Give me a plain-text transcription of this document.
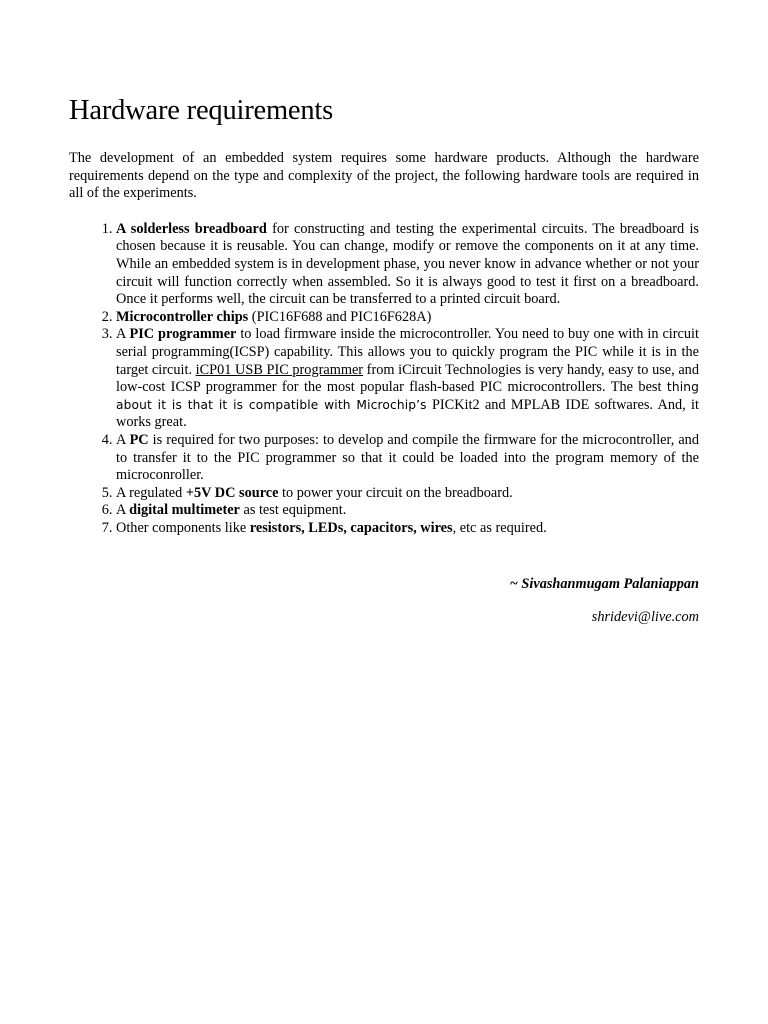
Hardware requirements

The development of an embedded system requires some hardware products. Although the hardware requirements depend on the type and complexity of the project, the following hardware tools are required in all of the experiments.

1. A solderless breadboard for constructing and testing the experimental circuits. The breadboard is chosen because it is reusable. You can change, modify or remove the components on it at any time. While an embedded system is in development phase, you never know in advance whether or not your circuit will function correctly when assembled. So it is always good to test it first on a breadboard. Once it performs well, the circuit can be transferred to a printed circuit board.
2. Microcontroller chips (PIC16F688 and PIC16F628A)
3. A PIC programmer to load firmware inside the microcontroller. You need to buy one with in circuit serial programming(ICSP) capability. This allows you to quickly program the PIC while it is in the target circuit. iCP01 USB PIC programmer from iCircuit Technologies is very handy, easy to use, and low-cost ICSP programmer for the most popular flash-based PIC microcontrollers. The best thing about it is that it is compatible with Microchip’s PICKit2 and MPLAB IDE softwares. And, it works great.
4. A PC is required for two purposes: to develop and compile the firmware for the microcontroller, and to transfer it to the PIC programmer so that it could be loaded into the program memory of the microconroller.
5. A regulated +5V DC source to power your circuit on the breadboard.
6. A digital multimeter as test equipment.
7. Other components like resistors, LEDs, capacitors, wires, etc as required.
~ Sivashanmugam Palaniappan
shridevi@live.com
